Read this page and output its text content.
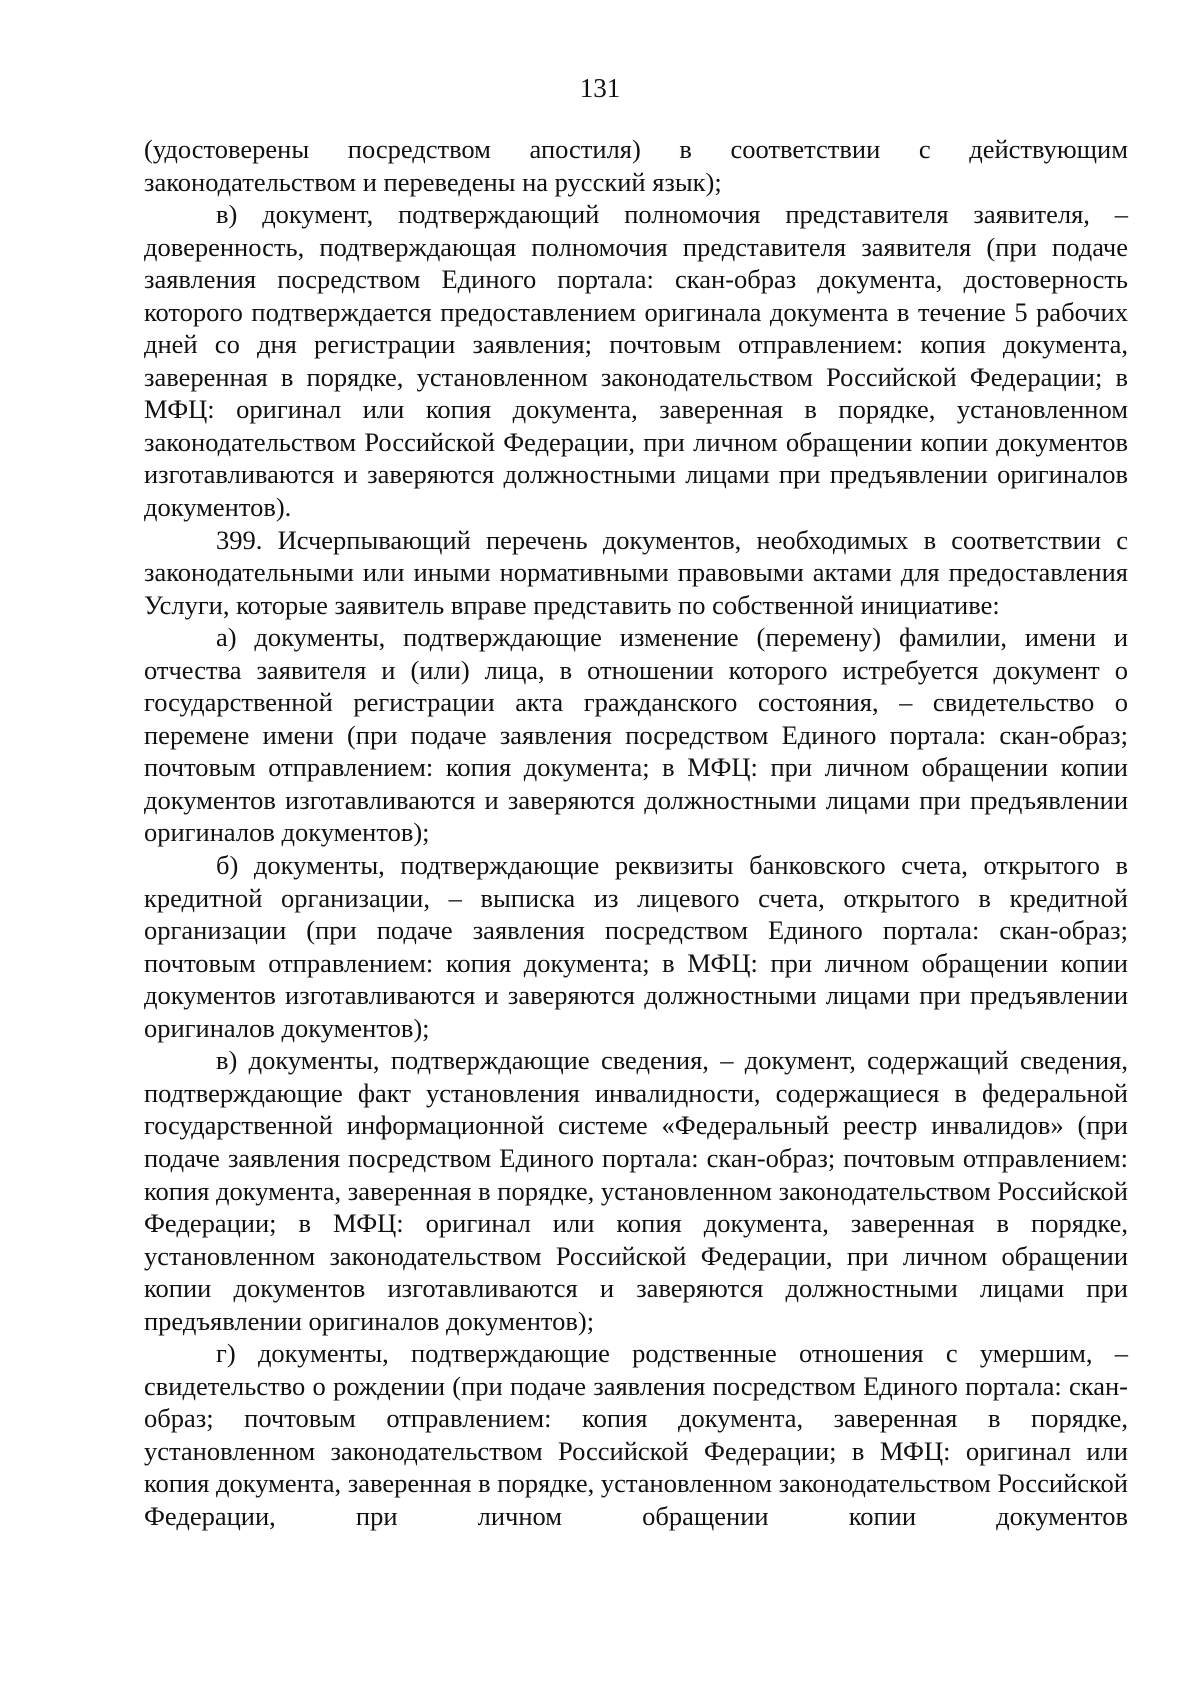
131

(удостоверены посредством апостиля) в соответствии с действующим законодательством и переведены на русский язык);

в) документ, подтверждающий полномочия представителя заявителя, – доверенность, подтверждающая полномочия представителя заявителя (при подаче заявления посредством Единого портала: скан-образ документа, достоверность которого подтверждается предоставлением оригинала документа в течение 5 рабочих дней со дня регистрации заявления; почтовым отправлением: копия документа, заверенная в порядке, установленном законодательством Российской Федерации; в МФЦ: оригинал или копия документа, заверенная в порядке, установленном законодательством Российской Федерации, при личном обращении копии документов изготавливаются и заверяются должностными лицами при предъявлении оригиналов документов).

399. Исчерпывающий перечень документов, необходимых в соответствии с законодательными или иными нормативными правовыми актами для предоставления Услуги, которые заявитель вправе представить по собственной инициативе:

а) документы, подтверждающие изменение (перемену) фамилии, имени и отчества заявителя и (или) лица, в отношении которого истребуется документ о государственной регистрации акта гражданского состояния, – свидетельство о перемене имени (при подаче заявления посредством Единого портала: скан-образ; почтовым отправлением: копия документа; в МФЦ: при личном обращении копии документов изготавливаются и заверяются должностными лицами при предъявлении оригиналов документов);

б) документы, подтверждающие реквизиты банковского счета, открытого в кредитной организации, – выписка из лицевого счета, открытого в кредитной организации (при подаче заявления посредством Единого портала: скан-образ; почтовым отправлением: копия документа; в МФЦ: при личном обращении копии документов изготавливаются и заверяются должностными лицами при предъявлении оригиналов документов);

в) документы, подтверждающие сведения, – документ, содержащий сведения, подтверждающие факт установления инвалидности, содержащиеся в федеральной государственной информационной системе «Федеральный реестр инвалидов» (при подаче заявления посредством Единого портала: скан-образ; почтовым отправлением: копия документа, заверенная в порядке, установленном законодательством Российской Федерации; в МФЦ: оригинал или копия документа, заверенная в порядке, установленном законодательством Российской Федерации, при личном обращении копии документов изготавливаются и заверяются должностными лицами при предъявлении оригиналов документов);

г) документы, подтверждающие родственные отношения с умершим, – свидетельство о рождении (при подаче заявления посредством Единого портала: скан-образ; почтовым отправлением: копия документа, заверенная в порядке, установленном законодательством Российской Федерации; в МФЦ: оригинал или копия документа, заверенная в порядке, установленном законодательством Российской Федерации, при личном обращении копии документов
